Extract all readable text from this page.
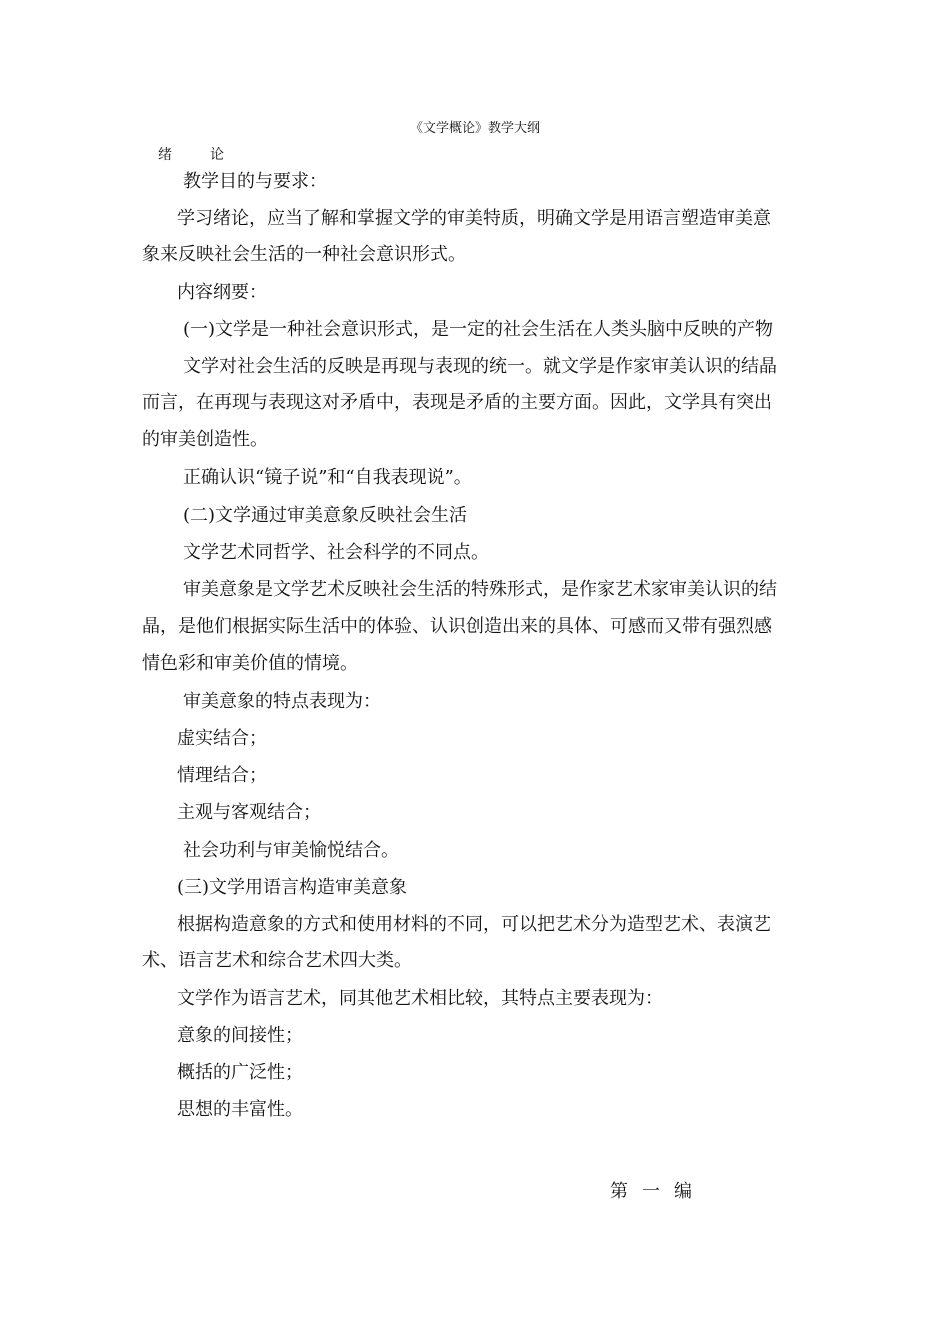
《文学概论》教学大纲
绪论
教学目的与要求：
学习绪论，应当了解和掌握文学的审美特质，明确文学是用语言塑造审美意
象来反映社会生活的一种社会意识形式。
内容纲要：
(一)文学是一种社会意识形式，是一定的社会生活在人类头脑中反映的产物
文学对社会生活的反映是再现与表现的统一。就文学是作家审美认识的结晶
而言，在再现与表现这对矛盾中，表现是矛盾的主要方面。因此，文学具有突出
的审美创造性。
正确认识“镜子说”和“自我表现说”。
(二)文学通过审美意象反映社会生活
文学艺术同哲学、社会科学的不同点。
审美意象是文学艺术反映社会生活的特殊形式，是作家艺术家审美认识的结
晶，是他们根据实际生活中的体验、认识创造出来的具体、可感而又带有强烈感
情色彩和审美价值的情境。
审美意象的特点表现为：
虚实结合；
情理结合；
主观与客观结合；
社会功利与审美愉悦结合。
(三)文学用语言构造审美意象
根据构造意象的方式和使用材料的不同，可以把艺术分为造型艺术、表演艺
术、语言艺术和综合艺术四大类。
文学作为语言艺术，同其他艺术相比较，其特点主要表现为：
意象的间接性；
概括的广泛性；
思想的丰富性。
第一编
